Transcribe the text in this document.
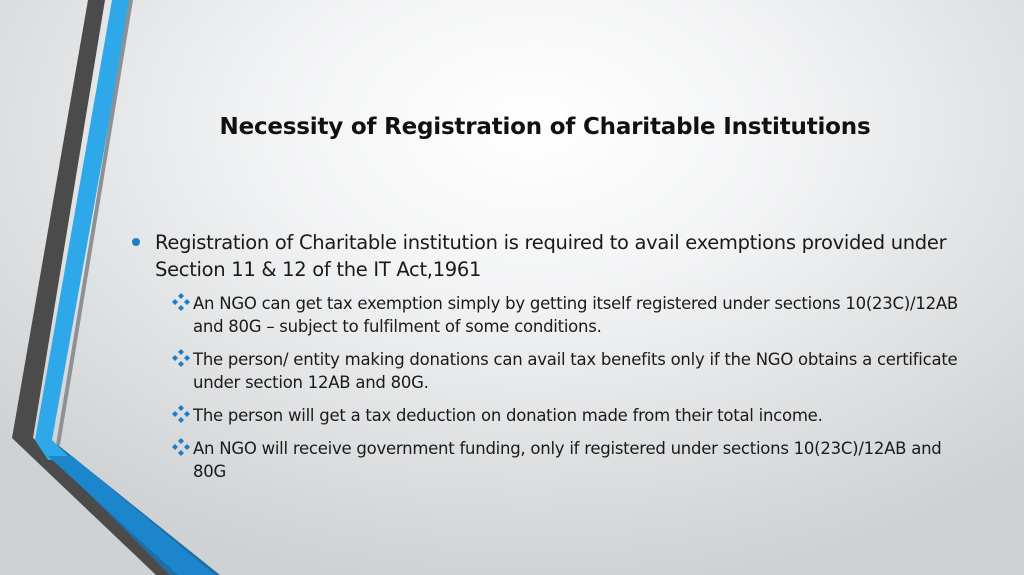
Necessity of Registration of Charitable Institutions
Registration of Charitable institution is required to avail exemptions provided under Section 11 & 12 of the IT Act,1961
An NGO can get tax exemption simply by getting itself registered under sections 10(23C)/12AB and 80G – subject to fulfilment of some conditions.
The person/ entity making donations can avail tax benefits only if the NGO obtains a certificate under section 12AB and 80G.
The person will get a tax deduction on donation made from their total income.
An NGO will receive government funding, only if registered under sections 10(23C)/12AB and 80G
